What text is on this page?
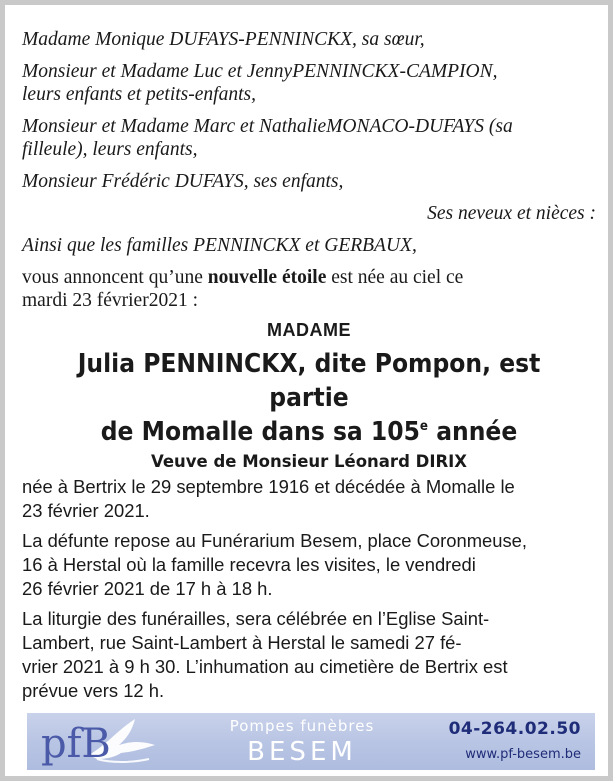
Madame Monique DUFAYS-PENNINCKX, sa sœur,

Monsieur et Madame Luc et JennyPENNINCKX-CAMPION,

leurs enfants et petits-enfants,

Monsieur et Madame Marc et NathalieMONACO-DUFAYS (sa

filleule), leurs enfants,

Monsieur Frédéric DUFAYS, ses enfants,

Ses neveux et nièces :

Ainsi que les familles PENNINCKX et GERBAUX,

vous annoncent qu’une nouvelle étoile est née au ciel ce

mardi 23 février2021 :

MADAME
Julia PENNINCKX, dite Pompon, est partie
de Momalle dans sa 105e année
Veuve de Monsieur Léonard DIRIX
née à Bertrix le 29 septembre 1916 et décédée à Momalle le
23 février 2021.
La défunte repose au Funérarium Besem, place Coronmeuse,
16 à Herstal où la famille recevra les visites, le vendredi
26 février 2021 de 17 h à 18 h.
La liturgie des funérailles, sera célébrée en l’Eglise Saint-
Lambert, rue Saint-Lambert à Herstal le samedi 27 fé-
vrier 2021 à 9 h 30. L’inhumation au cimetière de Bertrix est
prévue vers 12 h.
pfB	Pompes funèbres
BESEM
04-264.02.50
www.pf-besem.be
